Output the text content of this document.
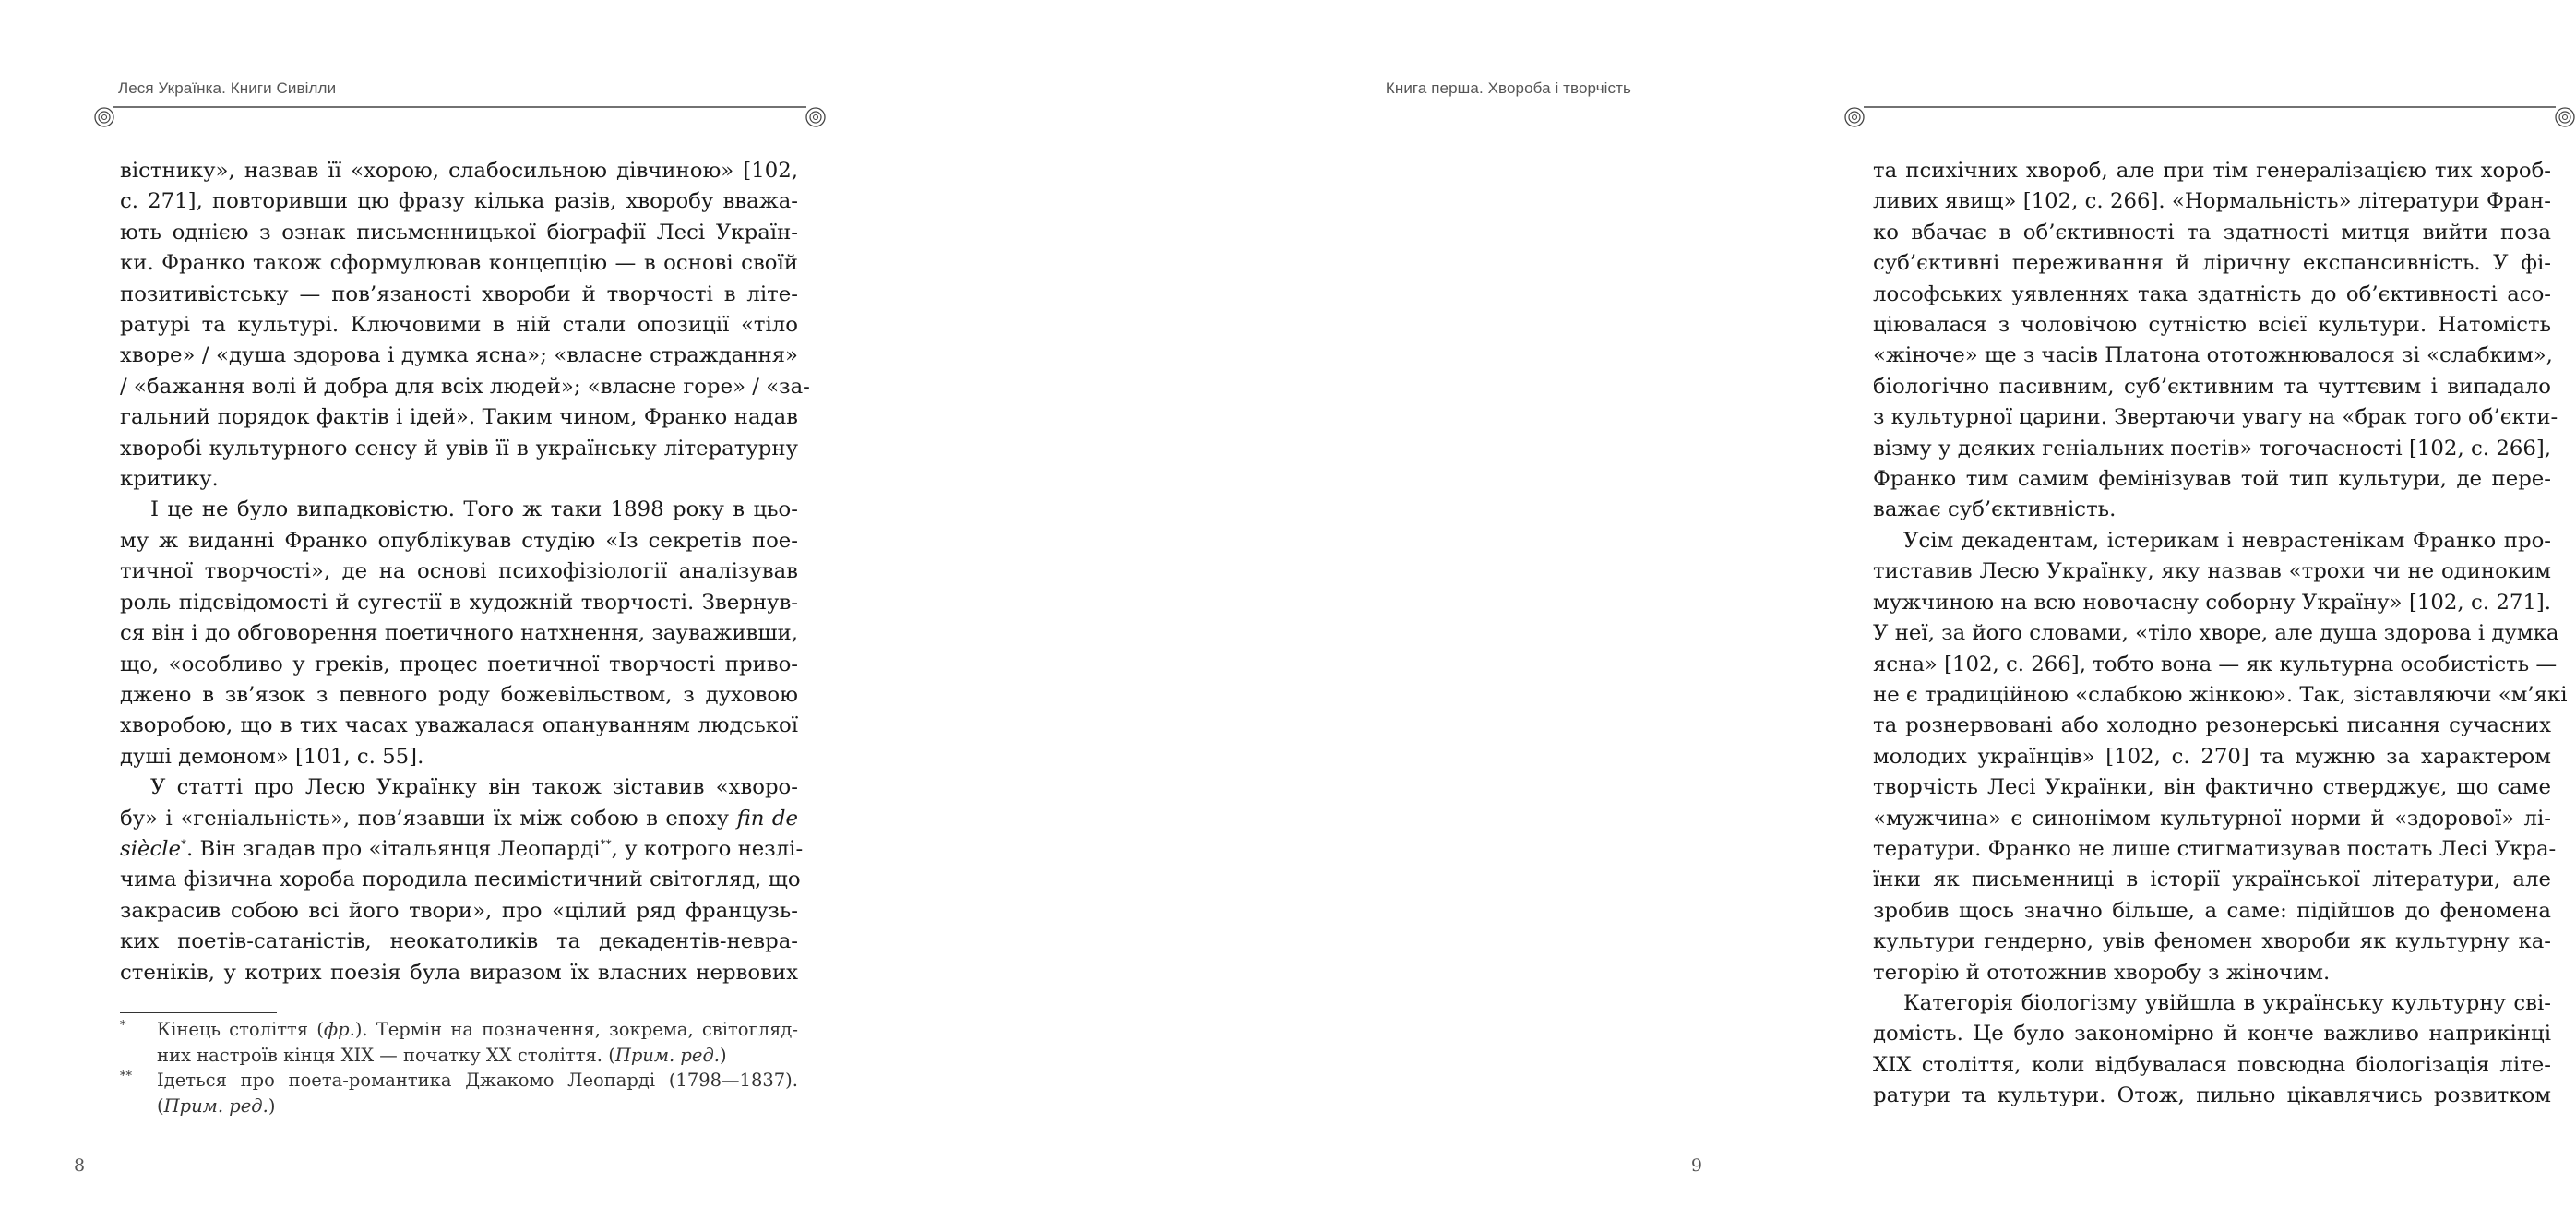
Леся Українка. Книги Сивілли
вістнику», назвав її «хорою, слабосильною дівчиною» [102,
с. 271], повторивши цю фразу кілька разів, хворобу вважа-
ють однією з ознак письменницької біографії Лесі Україн-
ки. Франко також сформулював концепцію — в основі своїй
позитивістську — пов’язаності хвороби й творчості в літе-
ратурі та культурі. Ключовими в ній стали опозиції «тіло
хворе» / «душа здорова і думка ясна»; «власне страждання»
/ «бажання волі й добра для всіх людей»; «власне горе» / «за-
гальний порядок фактів і ідей». Таким чином, Франко надав
хворобі культурного сенсу й увів її в українську літературну
критику.
І це не було випадковістю. Того ж таки 1898 року в цьо-
му ж виданні Франко опублікував студію «Із секретів пое-
тичної творчості», де на основі психофізіології аналізував
роль підсвідомості й сугестії в художній творчості. Звернув-
ся він і до обговорення поетичного натхнення, зауваживши,
що, «особливо у греків, процес поетичної творчості приво-
джено в зв’язок з певного роду божевільством, з духовою
хворобою, що в тих часах уважалася опануванням людської
душі демоном» [101, с. 55].
У статті про Лесю Українку він також зіставив «хворо-
бу» і «геніальність», пов’язавши їх між собою в епоху fin de
siècle*. Він згадав про «італьянця Леопарді**, у котрого незлі-
чима фізична хороба породила песимістичний світогляд, що
закрасив собою всі його твори», про «цілий ряд французь-
ких поетів-сатаністів, неокатоликів та декадентів-невра-
стеніків, у котрих поезія була виразом їх власних нервових
* Кінець століття (фр.). Термін на позначення, зокрема, світогляд-
них настроїв кінця XIX — початку XX століття. (Прим. ред.)
** Ідеться про поета-романтика Джакомо Леопарді (1798—1837).
(Прим. ред.)
8
Книга перша. Хвороба і творчість
та психічних хвороб, але при тім генералізацією тих хороб-
ливих явищ» [102, с. 266]. «Нормальність» літератури Фран-
ко вбачає в об’єктивності та здатності митця вийти поза
суб’єктивні переживання й ліричну експансивність. У фі-
лософських уявленнях така здатність до об’єктивності асо-
ціювалася з чоловічою сутністю всієї культури. Натомість
«жіноче» ще з часів Платона ототожнювалося зі «слабким»,
біологічно пасивним, суб’єктивним та чуттєвим і випадало
з культурної царини. Звертаючи увагу на «брак того об’єкти-
візму у деяких геніальних поетів» тогочасності [102, с. 266],
Франко тим самим фемінізував той тип культури, де пере-
важає суб’єктивність.
Усім декадентам, істерикам і неврастенікам Франко про-
тиставив Лесю Українку, яку назвав «трохи чи не одиноким
мужчиною на всю новочасну соборну Україну» [102, с. 271].
У неї, за його словами, «тіло хворе, але душа здорова і думка
ясна» [102, с. 266], тобто вона — як культурна особистість —
не є традиційною «слабкою жінкою». Так, зіставляючи «м’які
та рознервовані або холодно резонерські писання сучасних
молодих українців» [102, с. 270] та мужню за характером
творчість Лесі Українки, він фактично стверджує, що саме
«мужчина» є синонімом культурної норми й «здорової» лі-
тератури. Франко не лише стигматизував постать Лесі Укра-
їнки як письменниці в історії української літератури, але
зробив щось значно більше, а саме: підійшов до феномена
культури гендерно, увів феномен хвороби як культурну ка-
тегорію й ототожнив хворобу з жіночим.
Категорія біологізму увійшла в українську культурну сві-
домість. Це було закономірно й конче важливо наприкінці
XIX століття, коли відбувалася повсюдна біологізація літе-
ратури та культури. Отож, пильно цікавлячись розвитком
9
